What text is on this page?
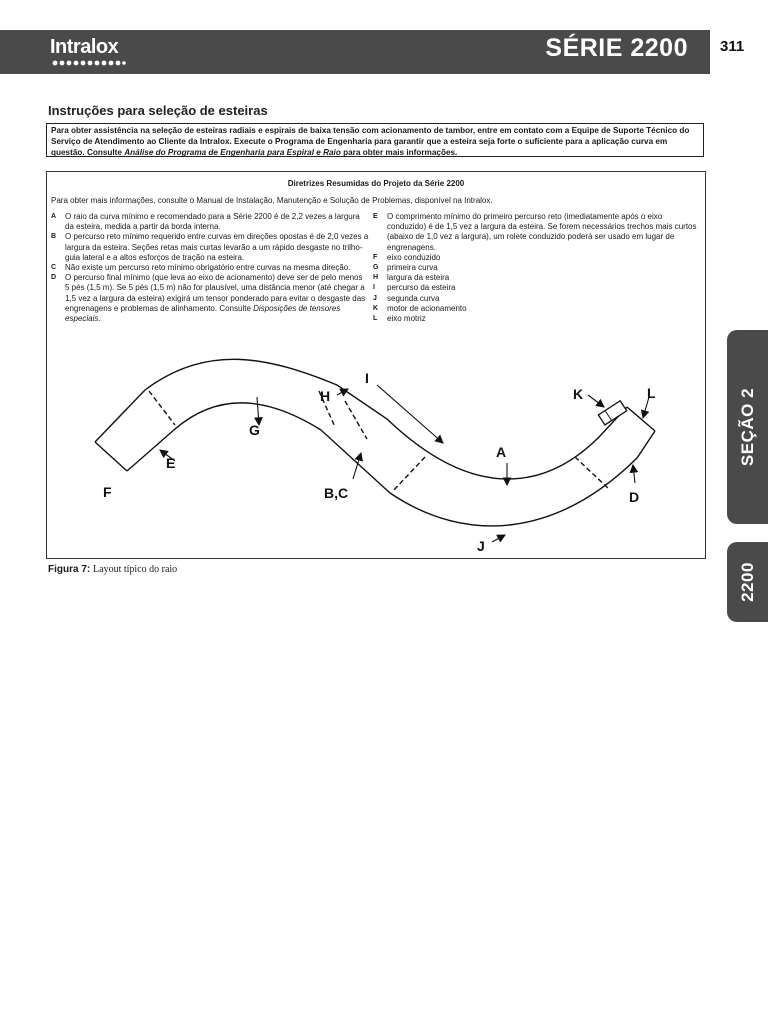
Intralox	SÉRIE 2200 311
SEÇÃO 2
2200
Instruções para seleção de esteiras
Para obter assistência na seleção de esteiras radiais e espirais de baixa tensão com acionamento de tambor, entre em contato com a Equipe de Suporte Técnico do Serviço de Atendimento ao Cliente da Intralox. Execute o Programa de Engenharia para garantir que a esteira seja forte o suficiente para a aplicação curva em questão. Consulte Análise do Programa de Engenharia para Espiral e Raio para obter mais informações.
Diretrizes Resumidas do Projeto da Série 2200
Para obter mais informações, consulte o Manual de Instalação, Manutenção e Solução de Problemas, disponível na Intralox.
A O raio da curva mínimo e recomendado para a Série 2200 é de 2,2 vezes a largura da esteira, medida a partir da borda interna.
B O percurso reto mínimo requerido entre curvas em direções opostas é de 2,0 vezes a largura da esteira. Seções retas mais curtas levarão a um rápido desgaste no trilho-guia lateral e a altos esforços de tração na esteira.
C Não existe um percurso reto mínimo obrigatório entre curvas na mesma direção.
D O percurso final mínimo (que leva ao eixo de acionamento) deve ser de pelo menos 5 pés (1,5 m). Se 5 pés (1,5 m) não for plausível, uma distância menor (até chegar a 1,5 vez a largura da esteira) exigirá um tensor ponderado para evitar o desgaste das engrenagens e problemas de alinhamento. Consulte Disposições de tensores especiais.
E O comprimento mínimo do primeiro percurso reto (imediatamente após o eixo conduzido) é de 1,5 vez a largura da esteira. Se forem necessários trechos mais curtos (abaixo de 1,0 vez a largura), um rolete conduzido poderá ser usado em lugar de engrenagens.
F eixo conduzido
G primeira curva
H largura da esteira
I percurso da esteira
J segunda curva
K motor de acionamento
L eixo motriz
A
B,C	D
E
F
G
H
I
J
K	L
Figura 7: Layout típico do raio
